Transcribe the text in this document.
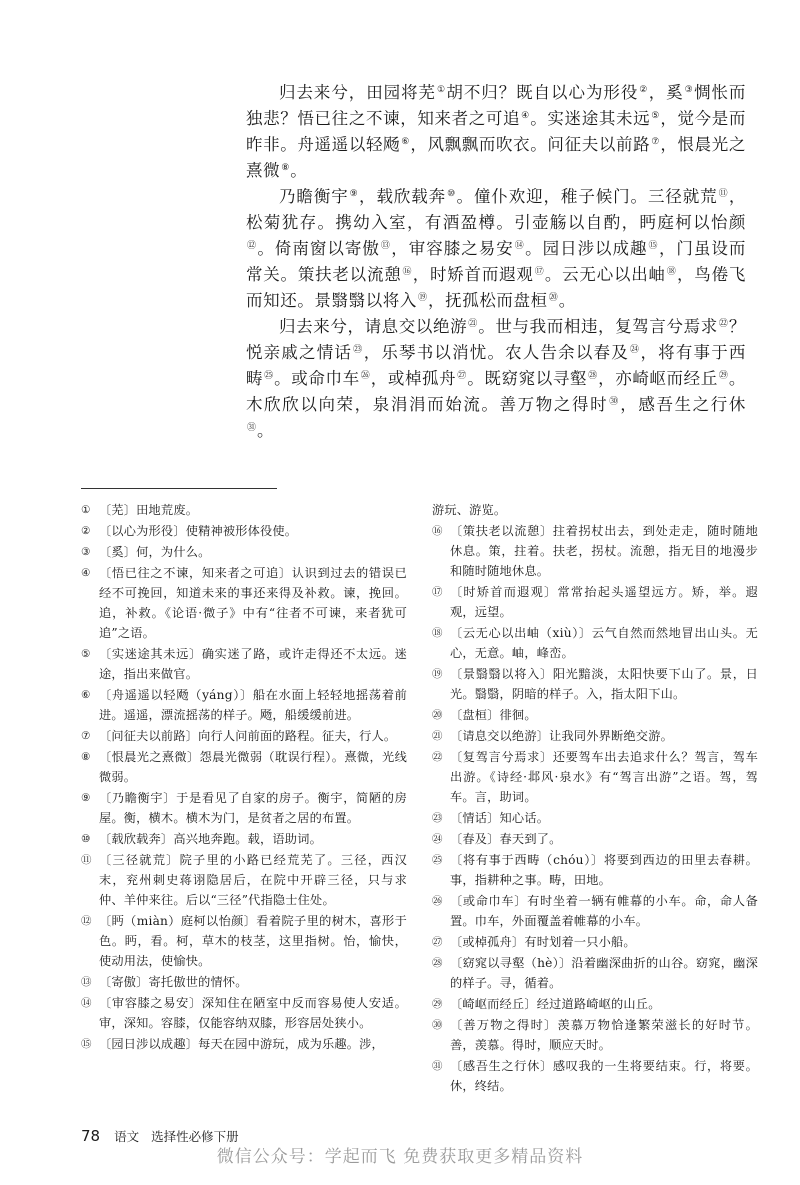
归去来兮，田园将芜①胡不归？既自以心为形役②，奚③惆怅而独悲？悟已往之不谏，知来者之可追④。实迷途其未远⑤，觉今是而昨非。舟遥遥以轻飏⑥，风飘飘而吹衣。问征夫以前路⑦，恨晨光之熹微⑧。

乃瞻衡宇⑨，载欣载奔⑩。僮仆欢迎，稚子候门。三径就荒⑪，松菊犹存。携幼入室，有酒盈樽。引壶觞以自酌，眄庭柯以怡颜⑫。倚南窗以寄傲⑬，审容膝之易安⑭。园日涉以成趣⑮，门虽设而常关。策扶老以流憩⑯，时矫首而遐观⑰。云无心以出岫⑱，鸟倦飞而知还。景翳翳以将入⑲，抚孤松而盘桓⑳。

归去来兮，请息交以绝游$^㉑$。世与我而相违，复驾言兮焉求$^㉒$？悦亲戚之情话$^㉓$，乐琴书以消忧。农人告余以春及$^㉔$，将有事于西畴$^㉕$。或命巾车$^㉖$，或棹孤舟$^㉗$。既窈窕以寻壑$^㉘$，亦崎岖而经丘$^㉙$。木欣欣以向荣，泉涓涓而始流。善万物之得时$^㉚$，感吾生之行休$^㉛$。

① 〔芜〕田地荒废。
② 〔以心为形役〕使精神被形体役使。
③ 〔奚〕何，为什么。
④ 〔悟已往之不谏，知来者之可追〕认识到过去的错误已经不可挽回，知道未来的事还来得及补救。谏，挽回。追，补救。《论语·微子》中有“往者不可谏，来者犹可追”之语。
⑤ 〔实迷途其未远〕确实迷了路，或许走得还不太远。迷途，指出来做官。
⑥ 〔舟遥遥以轻飏（yáng）〕船在水面上轻轻地摇荡着前进。遥遥，漂流摇荡的样子。飏，船缓缓前进。
⑦ 〔问征夫以前路〕向行人问前面的路程。征夫，行人。
⑧ 〔恨晨光之熹微〕怨晨光微弱（耽误行程）。熹微，光线微弱。
⑨ 〔乃瞻衡宇〕于是看见了自家的房子。衡宇，简陋的房屋。衡，横木。横木为门，是贫者之居的布置。
⑩ 〔载欣载奔〕高兴地奔跑。载，语助词。
⑪ 〔三径就荒〕院子里的小路已经荒芜了。三径，西汉末，兖州刺史蒋诩隐居后，在院中开辟三径，只与求仲、羊仲来往。后以“三径”代指隐士住处。
⑫ 〔眄（miàn）庭柯以怡颜〕看着院子里的树木，喜形于色。眄，看。柯，草木的枝茎，这里指树。怡，愉快，使动用法，使愉快。
⑬ 〔寄傲〕寄托傲世的情怀。
⑭ 〔审容膝之易安〕深知住在陋室中反而容易使人安适。审，深知。容膝，仅能容纳双膝，形容居处狭小。
⑮ 〔园日涉以成趣〕每天在园中游玩，成为乐趣。涉，
游玩、游览。
⑯ 〔策扶老以流憩〕拄着拐杖出去，到处走走，随时随地休息。策，拄着。扶老，拐杖。流憩，指无目的地漫步和随时随地休息。
⑰ 〔时矫首而遐观〕常常抬起头遥望远方。矫，举。遐观，远望。
⑱ 〔云无心以出岫（xiù）〕云气自然而然地冒出山头。无心，无意。岫，峰峦。
⑲ 〔景翳翳以将入〕阳光黯淡，太阳快要下山了。景，日光。翳翳，阴暗的样子。入，指太阳下山。
⑳ 〔盘桓〕徘徊。
㉑ 〔请息交以绝游〕让我同外界断绝交游。
㉒ 〔复驾言兮焉求〕还要驾车出去追求什么？驾言，驾车出游。《诗经·邶风·泉水》有“驾言出游”之语。驾，驾车。言，助词。
㉓ 〔情话〕知心话。
㉔ 〔春及〕春天到了。
㉕ 〔将有事于西畴（chóu）〕将要到西边的田里去春耕。事，指耕种之事。畴，田地。
㉖ 〔或命巾车〕有时坐着一辆有帷幕的小车。命，命人备置。巾车，外面覆盖着帷幕的小车。
㉗ 〔或棹孤舟〕有时划着一只小船。
㉘ 〔窈窕以寻壑（hè）〕沿着幽深曲折的山谷。窈窕，幽深的样子。寻，循着。
㉙ 〔崎岖而经丘〕经过道路崎岖的山丘。
㉚ 〔善万物之得时〕羡慕万物恰逢繁荣滋长的好时节。善，羡慕。得时，顺应天时。
㉛ 〔感吾生之行休〕感叹我的一生将要结束。行，将要。休，终结。
78 语文 选择性必修下册
微信公众号：学起而飞 免费获取更多精品资料
